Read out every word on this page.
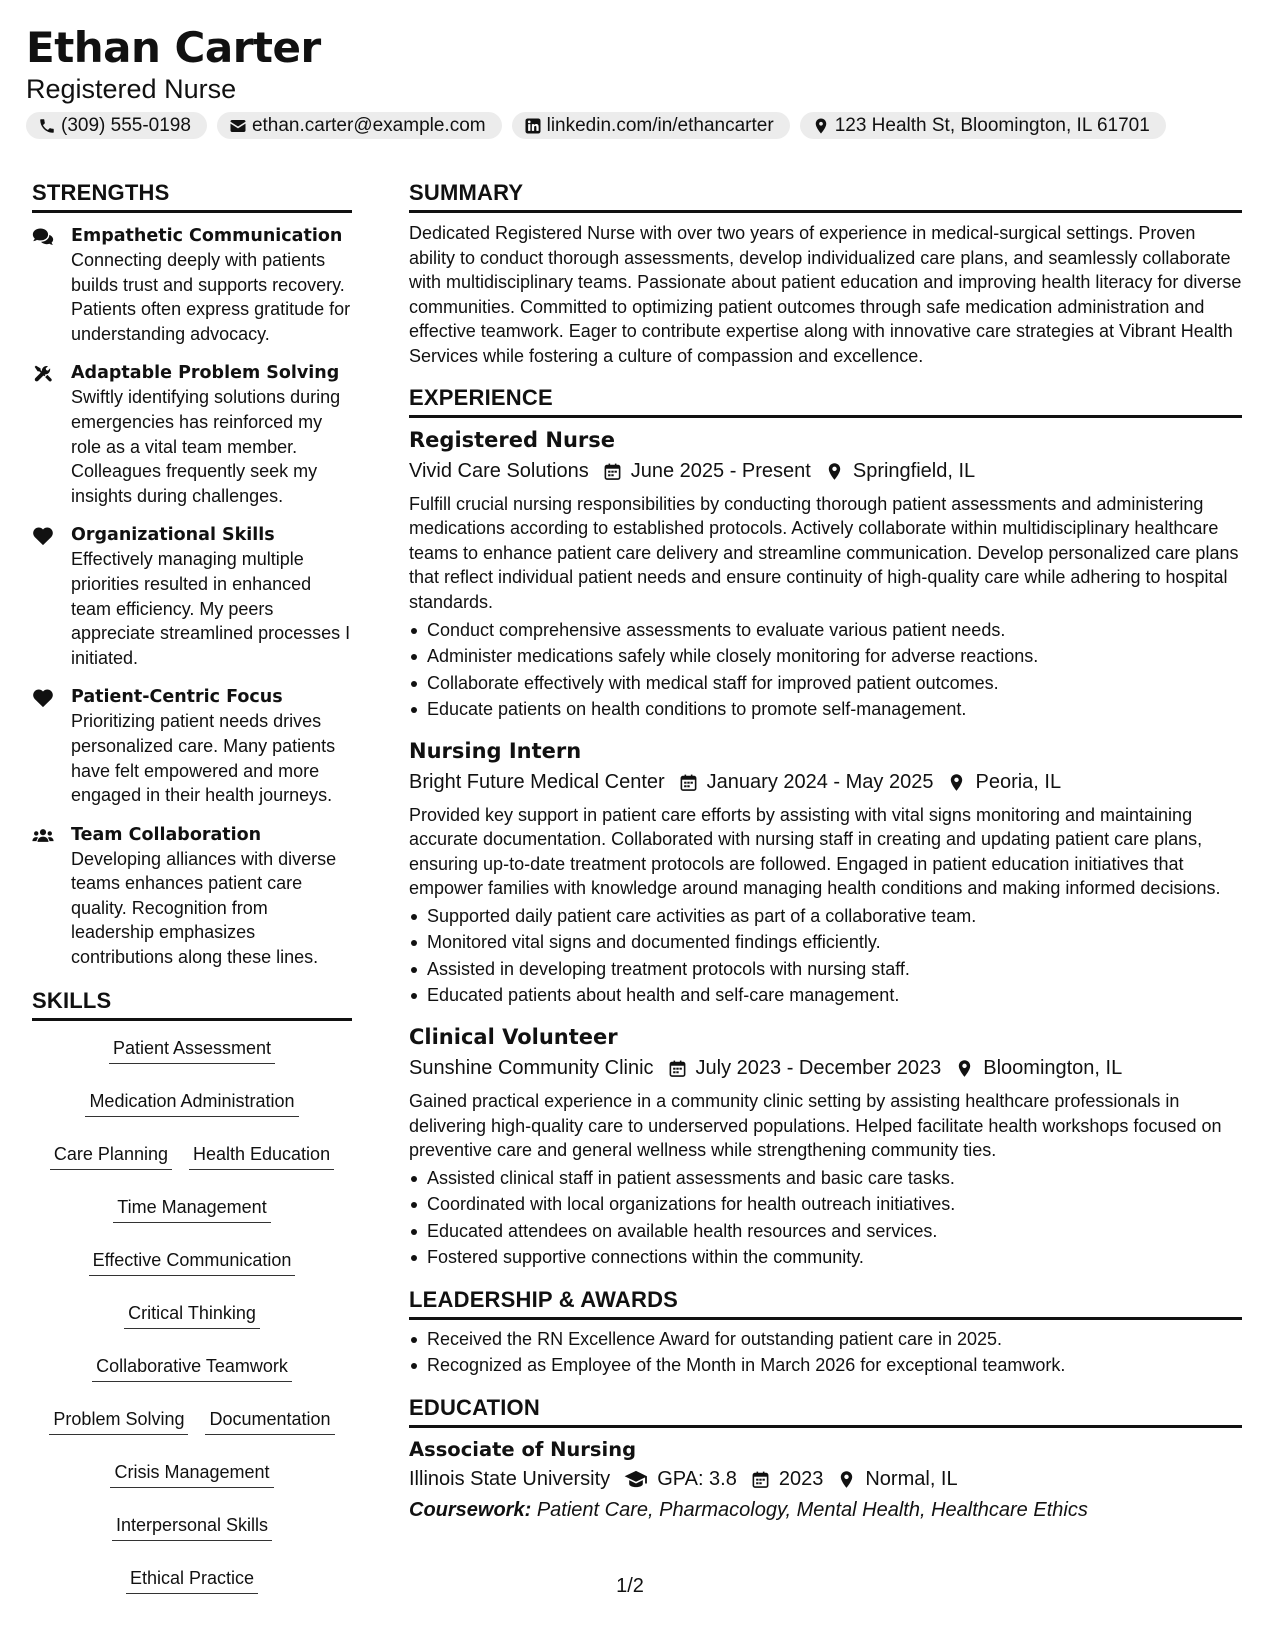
Ethan Carter
Registered Nurse
(309) 555-0198	ethan.carter@example.com	linkedin.com/in/ethancarter	123 Health St, Bloomington, IL 61701
STRENGTHS
Empathetic Communication
Connecting deeply with patients builds trust and supports recovery. Patients often express gratitude for understanding advocacy.
Adaptable Problem Solving
Swiftly identifying solutions during emergencies has reinforced my role as a vital team member. Colleagues frequently seek my insights during challenges.
Organizational Skills
Effectively managing multiple priorities resulted in enhanced team efficiency. My peers appreciate streamlined processes I initiated.
Patient-Centric Focus
Prioritizing patient needs drives personalized care. Many patients have felt empowered and more engaged in their health journeys.
Team Collaboration
Developing alliances with diverse teams enhances patient care quality. Recognition from leadership emphasizes contributions along these lines.
SKILLS
Patient Assessment
Medication Administration
Care Planning Health Education
Time Management
Effective Communication
Critical Thinking
Collaborative Teamwork
Problem Solving Documentation
Crisis Management
Interpersonal Skills
Ethical Practice
SUMMARY
Dedicated Registered Nurse with over two years of experience in medical-surgical settings. Proven ability to conduct thorough assessments, develop individualized care plans, and seamlessly collaborate with multidisciplinary teams. Passionate about patient education and improving health literacy for diverse communities. Committed to optimizing patient outcomes through safe medication administration and effective teamwork. Eager to contribute expertise along with innovative care strategies at Vibrant Health Services while fostering a culture of compassion and excellence.
EXPERIENCE
Registered Nurse
Vivid Care Solutions June 2025 - Present Springfield, IL
Fulfill crucial nursing responsibilities by conducting thorough patient assessments and administering medications according to established protocols. Actively collaborate within multidisciplinary healthcare teams to enhance patient care delivery and streamline communication. Develop personalized care plans that reflect individual patient needs and ensure continuity of high-quality care while adhering to hospital standards.
Conduct comprehensive assessments to evaluate various patient needs.
Administer medications safely while closely monitoring for adverse reactions.
Collaborate effectively with medical staff for improved patient outcomes.
Educate patients on health conditions to promote self-management.
Nursing Intern
Bright Future Medical Center January 2024 - May 2025 Peoria, IL
Provided key support in patient care efforts by assisting with vital signs monitoring and maintaining accurate documentation. Collaborated with nursing staff in creating and updating patient care plans, ensuring up-to-date treatment protocols are followed. Engaged in patient education initiatives that empower families with knowledge around managing health conditions and making informed decisions.
Supported daily patient care activities as part of a collaborative team.
Monitored vital signs and documented findings efficiently.
Assisted in developing treatment protocols with nursing staff.
Educated patients about health and self-care management.
Clinical Volunteer
Sunshine Community Clinic July 2023 - December 2023 Bloomington, IL
Gained practical experience in a community clinic setting by assisting healthcare professionals in delivering high-quality care to underserved populations. Helped facilitate health workshops focused on preventive care and general wellness while strengthening community ties.
Assisted clinical staff in patient assessments and basic care tasks.
Coordinated with local organizations for health outreach initiatives.
Educated attendees on available health resources and services.
Fostered supportive connections within the community.
LEADERSHIP & AWARDS
Received the RN Excellence Award for outstanding patient care in 2025.
Recognized as Employee of the Month in March 2026 for exceptional teamwork.
EDUCATION
Associate of Nursing
Illinois State University GPA: 3.8 2023 Normal, IL
Coursework: Patient Care, Pharmacology, Mental Health, Healthcare Ethics
1/2
